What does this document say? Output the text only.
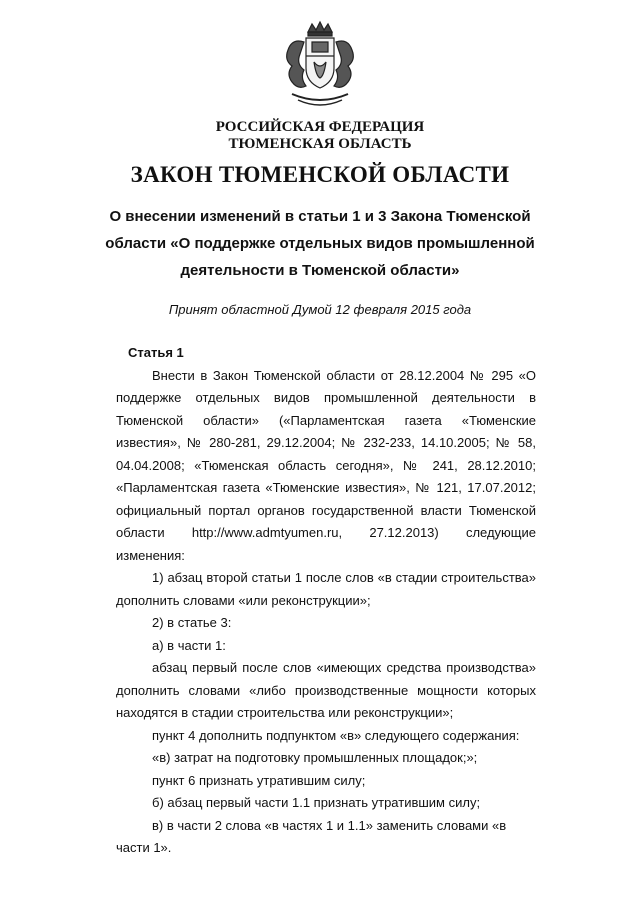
РОССИЙСКАЯ ФЕДЕРАЦИЯ
ТЮМЕНСКАЯ ОБЛАСТЬ
ЗАКОН ТЮМЕНСКОЙ ОБЛАСТИ
О внесении изменений в статьи 1 и 3 Закона Тюменской области «О поддержке отдельных видов промышленной деятельности в Тюменской области»
Принят областной Думой 12 февраля 2015 года

Статья 1

Внести в Закон Тюменской области от 28.12.2004 № 295 «О поддержке отдельных видов промышленной деятельности в Тюменской области» («Парламентская газета «Тюменские известия», № 280-281, 29.12.2004; № 232-233, 14.10.2005; № 58, 04.04.2008; «Тюменская область сегодня», № 241, 28.12.2010; «Парламентская газета «Тюменские известия», № 121, 17.07.2012; официальный портал органов государственной власти Тюменской области http://www.admtyumen.ru, 27.12.2013) следующие изменения:

1) абзац второй статьи 1 после слов «в стадии строительства» дополнить словами «или реконструкции»;

2) в статье 3:

а) в части 1:

абзац первый после слов «имеющих средства производства» дополнить словами «либо производственные мощности которых находятся в стадии строительства или реконструкции»;

пункт 4 дополнить подпунктом «в» следующего содержания:

«в) затрат на подготовку промышленных площадок;»;

пункт 6 признать утратившим силу;

б) абзац первый части 1.1 признать утратившим силу;

в) в части 2 слова «в частях 1 и 1.1» заменить словами «в части 1».
